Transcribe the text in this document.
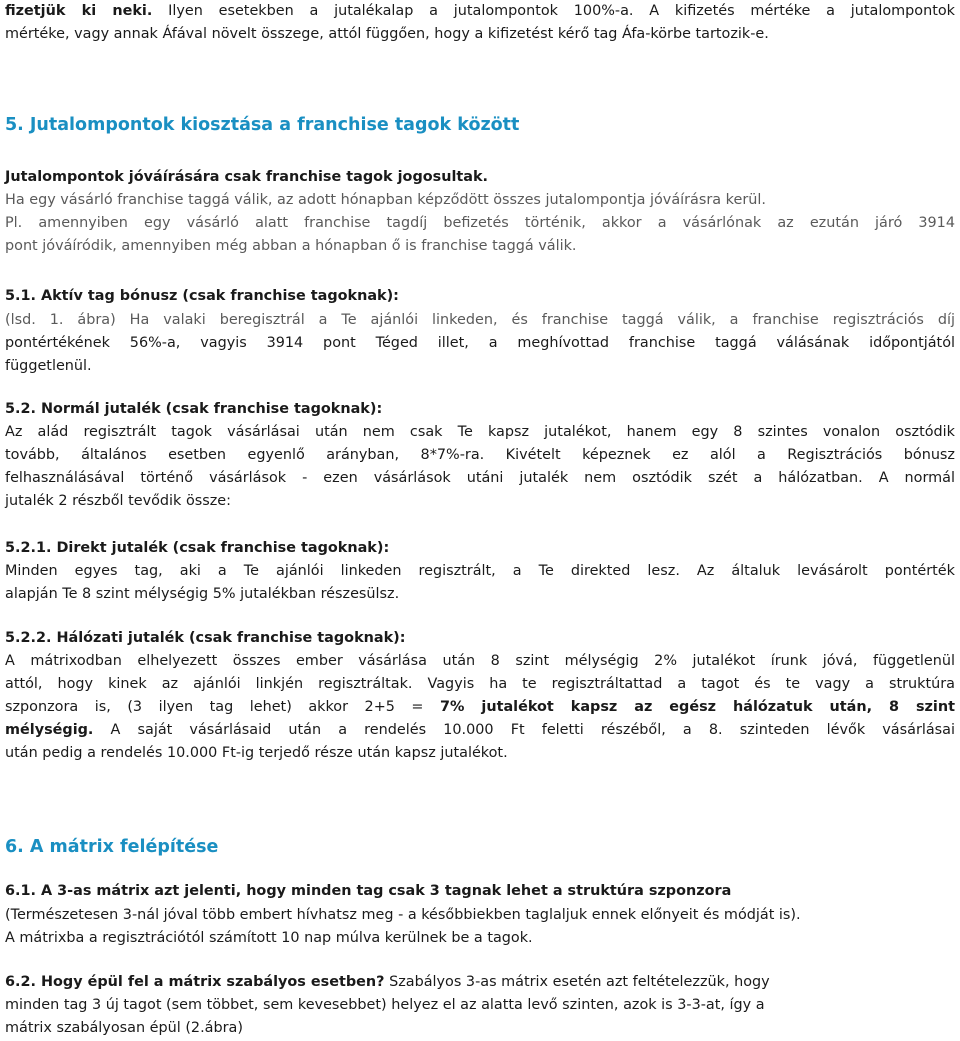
fizetjük ki neki. Ilyen esetekben a jutalékalap a jutalompontok 100%-a. A kifizetés mértéke a jutalompontok

mértéke, vagy annak Áfával növelt összege, attól függően, hogy a kifizetést kérő tag Áfa-körbe tartozik-e.

5. Jutalompontok kiosztása a franchise tagok között

Jutalompontok jóváírására csak franchise tagok jogosultak.

Ha egy vásárló franchise taggá válik, az adott hónapban képződött összes jutalompontja jóváírásra kerül.

Pl. amennyiben egy vásárló alatt franchise tagdíj befizetés történik, akkor a vásárlónak az ezután járó 3914

pont jóváíródik, amennyiben még abban a hónapban ő is franchise taggá válik.

5.1. Aktív tag bónusz (csak franchise tagoknak):

(lsd. 1. ábra) Ha valaki beregisztrál a Te ajánlói linkeden, és franchise taggá válik, a franchise regisztrációs díj

pontértékének 56%-a, vagyis 3914 pont Téged illet, a meghívottad franchise taggá válásának időpontjától

függetlenül.

5.2. Normál jutalék (csak franchise tagoknak):

Az alád regisztrált tagok vásárlásai után nem csak Te kapsz jutalékot, hanem egy 8 szintes vonalon osztódik

tovább, általános esetben egyenlő arányban, 8*7%-ra. Kivételt képeznek ez alól a Regisztrációs bónusz

felhasználásával történő vásárlások - ezen vásárlások utáni jutalék nem osztódik szét a hálózatban. A normál

jutalék 2 részből tevődik össze:

5.2.1. Direkt jutalék (csak franchise tagoknak):

Minden egyes tag, aki a Te ajánlói linkeden regisztrált, a Te direkted lesz. Az általuk levásárolt pontérték

alapján Te 8 szint mélységig 5% jutalékban részesülsz.

5.2.2. Hálózati jutalék (csak franchise tagoknak):

A mátrixodban elhelyezett összes ember vásárlása után 8 szint mélységig 2% jutalékot írunk jóvá, függetlenül

attól, hogy kinek az ajánlói linkjén regisztráltak. Vagyis ha te regisztráltattad a tagot és te vagy a struktúra

szponzora is, (3 ilyen tag lehet) akkor 2+5 = 7% jutalékot kapsz az egész hálózatuk után, 8 szint

mélységig. A saját vásárlásaid után a rendelés 10.000 Ft feletti részéből, a 8. szinteden lévők vásárlásai

után pedig a rendelés 10.000 Ft-ig terjedő része után kapsz jutalékot.

6. A mátrix felépítése

6.1. A 3-as mátrix azt jelenti, hogy minden tag csak 3 tagnak lehet a struktúra szponzora

(Természetesen 3-nál jóval több embert hívhatsz meg - a későbbiekben taglaljuk ennek előnyeit és módját is).

A mátrixba a regisztrációtól számított 10 nap múlva kerülnek be a tagok.

6.2. Hogy épül fel a mátrix szabályos esetben? Szabályos 3-as mátrix esetén azt feltételezzük, hogy

minden tag 3 új tagot (sem többet, sem kevesebbet) helyez el az alatta levő szinten, azok is 3-3-at, így a

mátrix szabályosan épül (2.ábra)
